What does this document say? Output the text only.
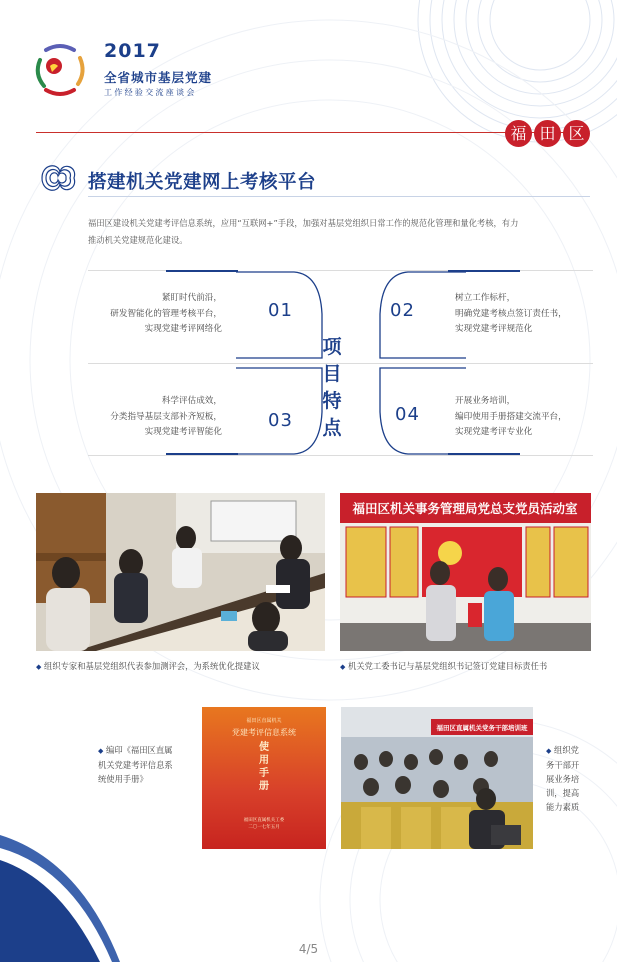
2017
全省城市基层党建
工作经验交流座谈会
福 田 区
搭建机关党建网上考核平台
福田区建设机关党建考评信息系统，应用“互联网+”手段，加强对基层党组织日常工作的规范化管理和量化考核，有力
推动机关党建规范化建设。
01	02
03	04
项 目
特 点
紧盯时代前沿，
研发智能化的管理考核平台，
实现党建考评网络化
树立工作标杆，
明确党建考核点签订责任书，
实现党建考评规范化
科学评估成效，
分类指导基层支部补齐短板，
实现党建考评智能化
开展业务培训，
编印使用手册搭建交流平台，
实现党建考评专业化
◆ 组织专家和基层党组织代表参加测评会，为系统优化提建议
福田区机关事务管理局党总支党员活动室
◆ 机关党工委书记与基层党组织书记签订党建目标责任书
◆ 编印《福田区直属
机关党建考评信息系
统使用手册》
福田区直属机关
党建考评信息系统
使
用
手
册
福田区直属机关工委
二〇一七年五月
福田区直属机关党务干部培训班
◆ 组织党
务干部开
展业务培
训，提高
能力素质
4/5
